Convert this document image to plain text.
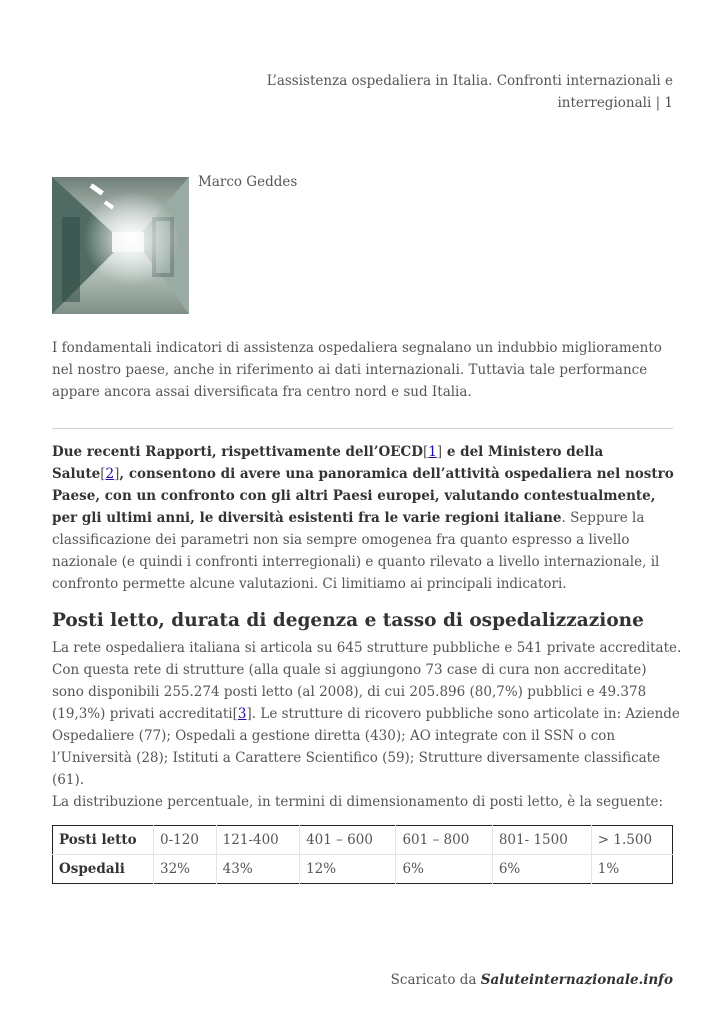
L’assistenza ospedaliera in Italia. Confronti internazionali e
interregionali | 1
Marco Geddes
I fondamentali indicatori di assistenza ospedaliera segnalano un indubbio miglioramento nel nostro paese, anche in riferimento ai dati internazionali. Tuttavia tale performance appare ancora assai diversificata fra centro nord e sud Italia.
Due recenti Rapporti, rispettivamente dell’OECD[1] e del Ministero della Salute[2], consentono di avere una panoramica dell’attività ospedaliera nel nostro Paese, con un confronto con gli altri Paesi europei, valutando contestualmente, per gli ultimi anni, le diversità esistenti fra le varie regioni italiane. Seppure la classificazione dei parametri non sia sempre omogenea fra quanto espresso a livello nazionale (e quindi i confronti interregionali) e quanto rilevato a livello internazionale, il confronto permette alcune valutazioni. Ci limitiamo ai principali indicatori.
Posti letto, durata di degenza e tasso di ospedalizzazione
La rete ospedaliera italiana si articola su 645 strutture pubbliche e 541 private accreditate. Con questa rete di strutture (alla quale si aggiungono 73 case di cura non accreditate) sono disponibili 255.274 posti letto (al 2008), di cui 205.896 (80,7%) pubblici e 49.378 (19,3%) privati accreditati[3]. Le strutture di ricovero pubbliche sono articolate in: Aziende Ospedaliere (77); Ospedali a gestione diretta (430); AO integrate con il SSN o con l’Università (28); Istituti a Carattere Scientifico (59); Strutture diversamente classificate (61).
La distribuzione percentuale, in termini di dimensionamento di posti letto, è la seguente:
Posti letto	0-120	121-400	401 – 600	601 – 800	801- 1500	> 1.500
Ospedali	32%	43%	12%	6%	6%	1%
Scaricato da Saluteinternazionale.info
